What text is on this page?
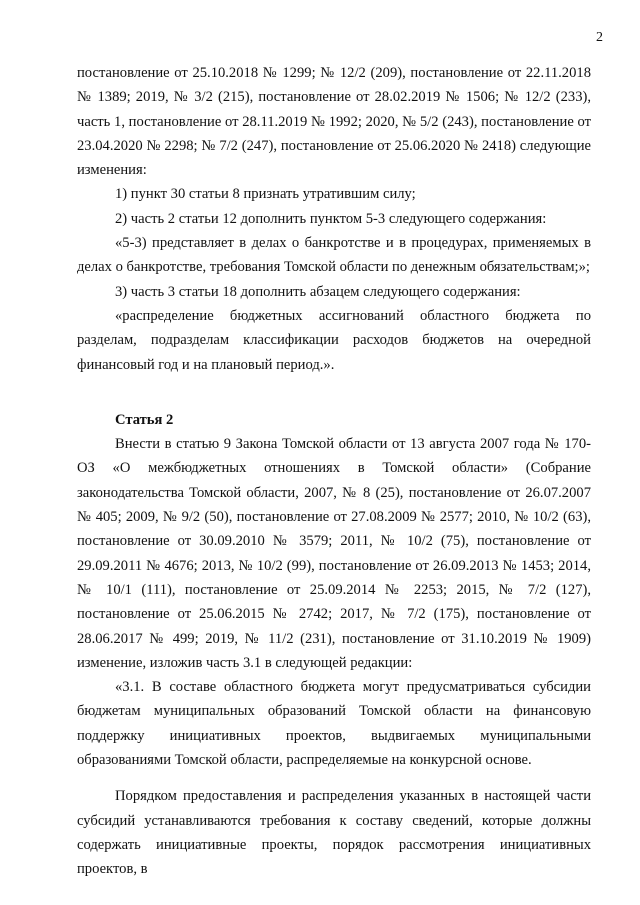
2

постановление от 25.10.2018 № 1299; № 12/2 (209), постановление от 22.11.2018 № 1389; 2019, № 3/2 (215), постановление от 28.02.2019 № 1506; № 12/2 (233), часть 1, постановление от 28.11.2019 № 1992; 2020, № 5/2 (243), постановление от 23.04.2020 № 2298; № 7/2 (247), постановление от 25.06.2020 № 2418) следующие изменения:

1) пункт 30 статьи 8 признать утратившим силу;

2) часть 2 статьи 12 дополнить пунктом 5-3 следующего содержания:

«5-3) представляет в делах о банкротстве и в процедурах, применяемых в делах о банкротстве, требования Томской области по денежным обязательствам;»;

3) часть 3 статьи 18 дополнить абзацем следующего содержания:

«распределение бюджетных ассигнований областного бюджета по разделам, подразделам классификации расходов бюджетов на очередной финансовый год и на плановый период.».

Статья 2

Внести в статью 9 Закона Томской области от 13 августа 2007 года № 170-ОЗ «О межбюджетных отношениях в Томской области» (Собрание законодательства Томской области, 2007, № 8 (25), постановление от 26.07.2007 № 405; 2009, № 9/2 (50), постановление от 27.08.2009 № 2577; 2010, № 10/2 (63), постановление от 30.09.2010 № 3579; 2011, № 10/2 (75), постановление от 29.09.2011 № 4676; 2013, № 10/2 (99), постановление от 26.09.2013 № 1453; 2014, № 10/1 (111), постановление от 25.09.2014 № 2253; 2015, № 7/2 (127), постановление от 25.06.2015 № 2742; 2017, № 7/2 (175), постановление от 28.06.2017 № 499; 2019, № 11/2 (231), постановление от 31.10.2019 № 1909) изменение, изложив часть 3.1 в следующей редакции:

«3.1. В составе областного бюджета могут предусматриваться субсидии бюджетам муниципальных образований Томской области на финансовую поддержку инициативных проектов, выдвигаемых муниципальными образованиями Томской области, распределяемые на конкурсной основе.

Порядком предоставления и распределения указанных в настоящей части субсидий устанавливаются требования к составу сведений, которые должны содержать инициативные проекты, порядок рассмотрения инициативных проектов, в
